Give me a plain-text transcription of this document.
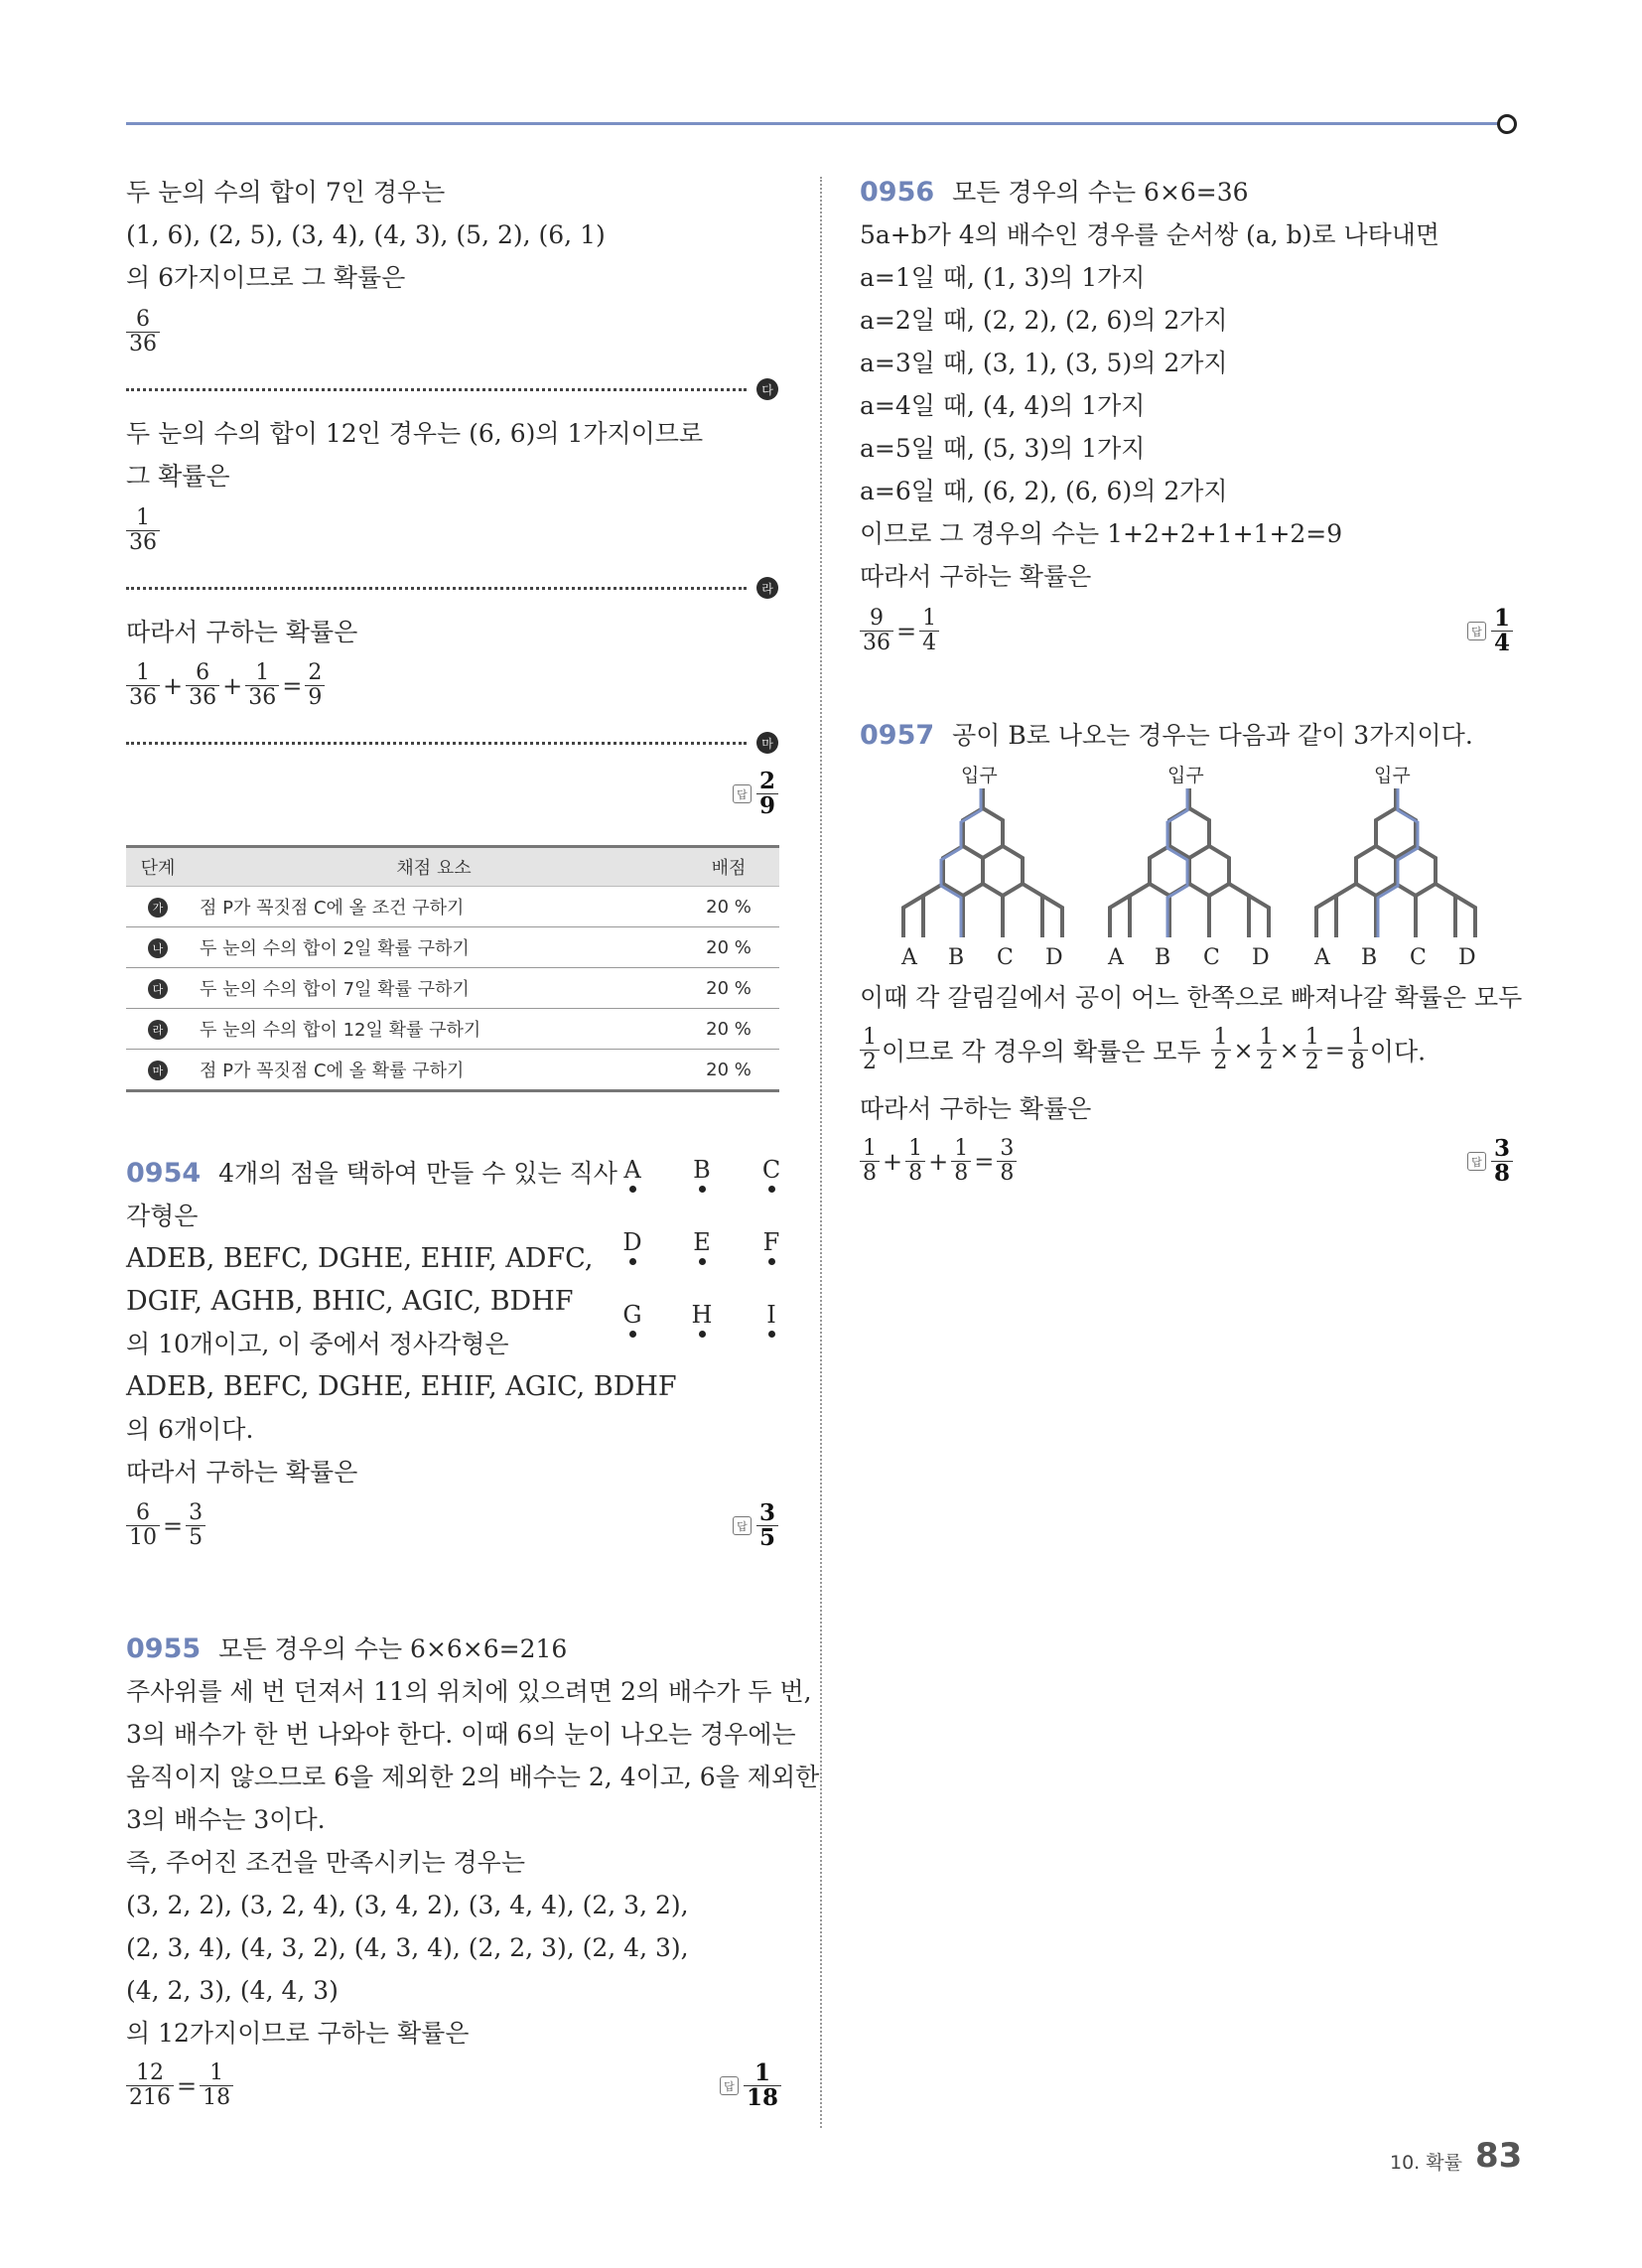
두 눈의 수의 합이 7인 경우는
(1, 6), (2, 5), (3, 4), (4, 3), (5, 2), (6, 1)
의 6가지이므로 그 확률은
$\frac{6}{36}$
다
두 눈의 수의 합이 12인 경우는 (6, 6)의 1가지이므로
그 확률은
$\frac{1}{36}$
라
따라서 구하는 확률은
$\frac{1}{36} + \frac{6}{36} + \frac{1}{36} = \frac{2}{9}$
마
답 $\frac{2}{9}$
단계	채점 요소	배점
가	점 P가 꼭짓점 C에 올 조건 구하기	20 %
나	두 눈의 수의 합이 2일 확률 구하기	20 %
다	두 눈의 수의 합이 7일 확률 구하기	20 %
라	두 눈의 수의 합이 12일 확률 구하기	20 %
마	점 P가 꼭짓점 C에 올 확률 구하기	20 %
0954 4개의 점을 택하여 만들 수 있는 직사
각형은
ADEB, BEFC, DGHE, EHIF, ADFC,
DGIF, AGHB, BHIC, AGIC, BDHF
의 10개이고, 이 중에서 정사각형은
ADEB, BEFC, DGHE, EHIF, AGIC, BDHF
의 6개이다.
따라서 구하는 확률은
$\frac{6}{10} = \frac{3}{5}$	답 $\frac{3}{5}$
A B C
D E F
G H	I
0955 모든 경우의 수는 6×6×6=216
주사위를 세 번 던져서 11의 위치에 있으려면 2의 배수가 두 번,
3의 배수가 한 번 나와야 한다. 이때 6의 눈이 나오는 경우에는
움직이지 않으므로 6을 제외한 2의 배수는 2, 4이고, 6을 제외한
3의 배수는 3이다.
즉, 주어진 조건을 만족시키는 경우는
(3, 2, 2), (3, 2, 4), (3, 4, 2), (3, 4, 4), (2, 3, 2),
(2, 3, 4), (4, 3, 2), (4, 3, 4), (2, 2, 3), (2, 4, 3),
(4, 2, 3), (4, 4, 3)
의 12가지이므로 구하는 확률은
$\frac{12}{216} = \frac{1}{18}$	답 $\frac{1}{18}$
0956 모든 경우의 수는 6×6=36
5a+b가 4의 배수인 경우를 순서쌍 (a, b)로 나타내면
a=1일 때, (1, 3)의 1가지
a=2일 때, (2, 2), (2, 6)의 2가지
a=3일 때, (3, 1), (3, 5)의 2가지
a=4일 때, (4, 4)의 1가지
a=5일 때, (5, 3)의 1가지
a=6일 때, (6, 2), (6, 6)의 2가지
이므로 그 경우의 수는 1+2+2+1+1+2=9
따라서 구하는 확률은
$\frac{9}{36} = \frac{1}{4}$	답 $\frac{1}{4}$
0957 공이 B로 나오는 경우는 다음과 같이 3가지이다.
입구
A B C D
입구
A B C D
입구
A B C D
이때 각 갈림길에서 공이 어느 한쪽으로 빠져나갈 확률은 모두
$\frac{1}{2}$ 이므로 각 경우의 확률은 모두 $\frac{1}{2} \times \frac{1}{2} \times \frac{1}{2} = \frac{1}{8}$ 이다.
따라서 구하는 확률은
$\frac{1}{8} + \frac{1}{8} + \frac{1}{8} = \frac{3}{8}$	답 $\frac{3}{8}$
10. 확률 83
